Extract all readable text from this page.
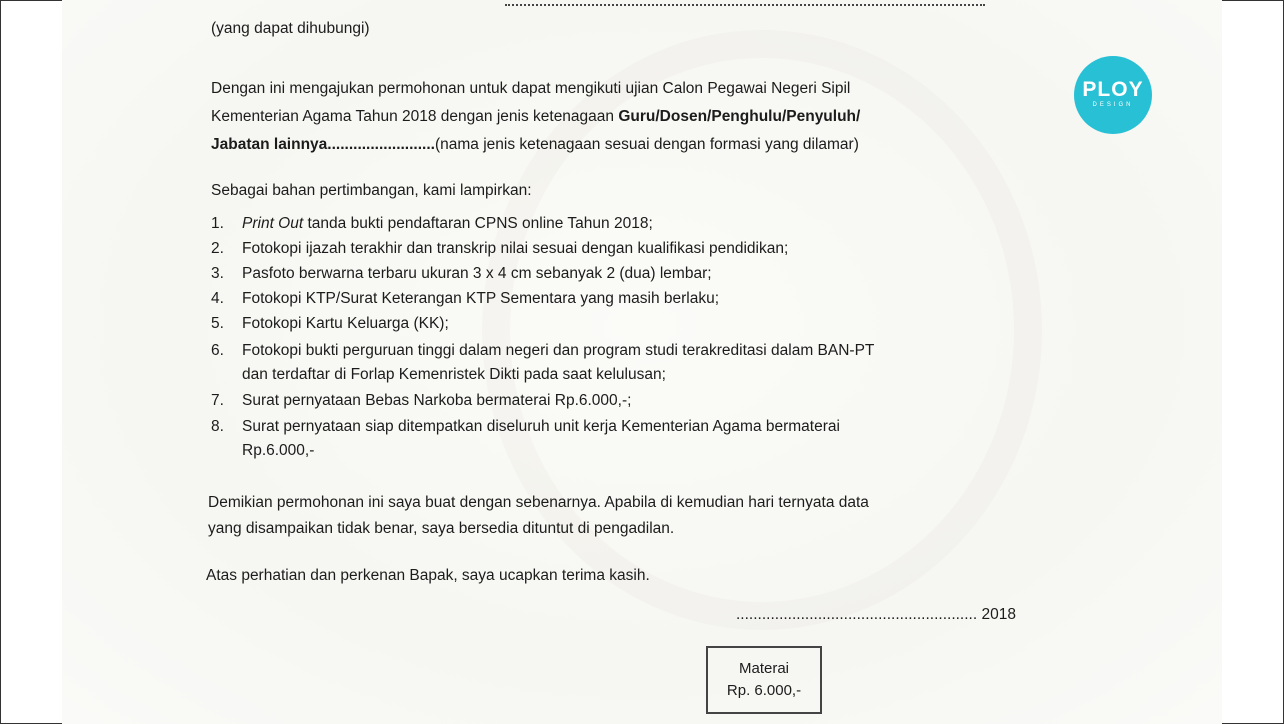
(yang dapat dihubungi)
Dengan ini mengajukan permohonan untuk dapat mengikuti ujian Calon Pegawai Negeri Sipil
Kementerian Agama Tahun 2018 dengan jenis ketenagaan Guru/Dosen/Penghulu/Penyuluh/
Jabatan lainnya.........................(nama jenis ketenagaan sesuai dengan formasi yang dilamar)
Sebagai bahan pertimbangan, kami lampirkan:
1.	Print Out tanda bukti pendaftaran CPNS online Tahun 2018;
2.	Fotokopi ijazah terakhir dan transkrip nilai sesuai dengan kualifikasi pendidikan;
3.	Pasfoto berwarna terbaru ukuran 3 x 4 cm sebanyak 2 (dua) lembar;
4.	Fotokopi KTP/Surat Keterangan KTP Sementara yang masih berlaku;
5.	Fotokopi Kartu Keluarga (KK);
6.	Fotokopi bukti perguruan tinggi dalam negeri dan program studi terakreditasi dalam BAN-PT
dan terdaftar di Forlap Kemenristek Dikti pada saat kelulusan;
7.	Surat pernyataan Bebas Narkoba bermaterai Rp.6.000,-;
8.	Surat pernyataan siap ditempatkan diseluruh unit kerja Kementerian Agama bermaterai
Rp.6.000,-
Demikian permohonan ini saya buat dengan sebenarnya. Apabila di kemudian hari ternyata data
yang disampaikan tidak benar, saya bersedia dituntut di pengadilan.
Atas perhatian dan perkenan Bapak, saya ucapkan terima kasih.
........................................................ 2018
Materai
Rp. 6.000,-
PLOY
DESIGN
